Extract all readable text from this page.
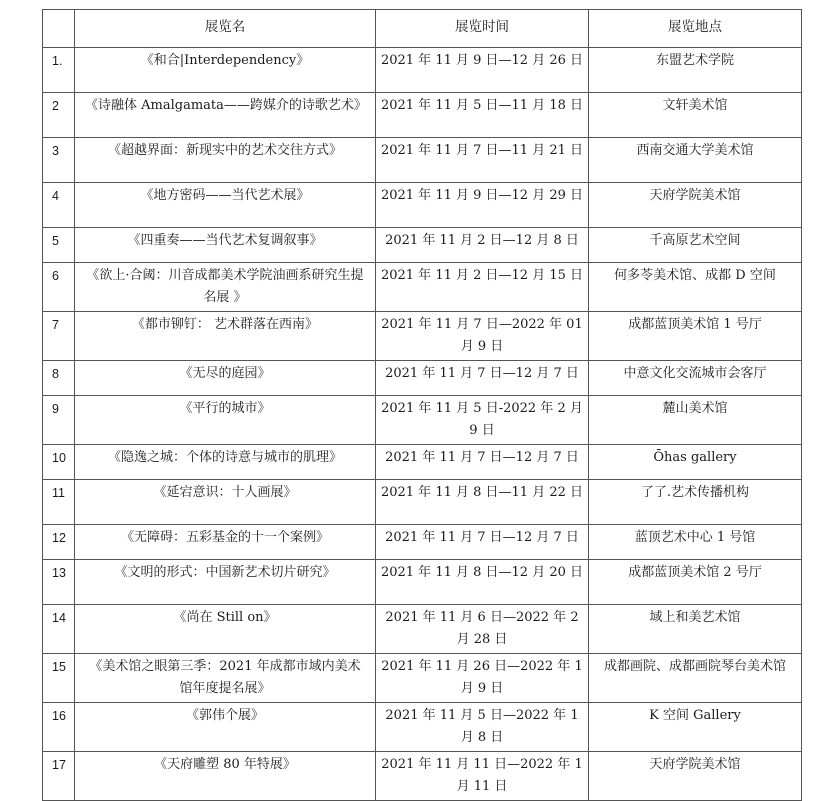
	展览名	展览时间	展览地点
1.	《和合|Interdependency》	2021 年 11 月 9 日—12 月 26 日	东盟艺术学院
2	《诗融体 Amalgamata——跨媒介的诗歌艺术》	2021 年 11 月 5 日—11 月 18 日	文轩美术馆
3	《超越界面：新现实中的艺术交往方式》	2021 年 11 月 7 日—11 月 21 日	西南交通大学美术馆
4	《地方密码——当代艺术展》	2021 年 11 月 9 日—12 月 29 日	天府学院美术馆
5	《四重奏——当代艺术复调叙事》	2021 年 11 月 2 日—12 月 8 日	千高原艺术空间
6	《欲上·合阈：川音成都美术学院油画系研究生提名展 》	2021 年 11 月 2 日—12 月 15 日	何多苓美术馆、成都 D 空间
7	《都市铆钉： 艺术群落在西南》	2021 年 11 月 7 日—2022 年 01 月 9 日	成都蓝顶美术馆 1 号厅
8	《无尽的庭园》	2021 年 11 月 7 日—12 月 7 日	中意文化交流城市会客厅
9	《平行的城市》	2021 年 11 月 5 日-2022 年 2 月 9 日	麓山美术馆
10	《隐逸之城：个体的诗意与城市的肌理》	2021 年 11 月 7 日—12 月 7 日	Ōhas gallery
11	《延宕意识：十人画展》	2021 年 11 月 8 日—11 月 22 日	了了.艺术传播机构
12	《无障碍：五彩基金的十一个案例》	2021 年 11 月 7 日—12 月 7 日	蓝顶艺术中心 1 号馆
13	《文明的形式：中国新艺术切片研究》	2021 年 11 月 8 日—12 月 20 日	成都蓝顶美术馆 2 号厅
14	《尚在 Still on》	2021 年 11 月 6 日—2022 年 2 月 28 日	域上和美艺术馆
15	《美术馆之眼第三季：2021 年成都市域内美术馆年度提名展》	2021 年 11 月 26 日—2022 年 1 月 9 日	成都画院、成都画院琴台美术馆
16	《郭伟个展》	2021 年 11 月 5 日—2022 年 1 月 8 日	K 空间 Gallery
17	《天府雕塑 80 年特展》	2021 年 11 月 11 日—2022 年 1 月 11 日	天府学院美术馆
